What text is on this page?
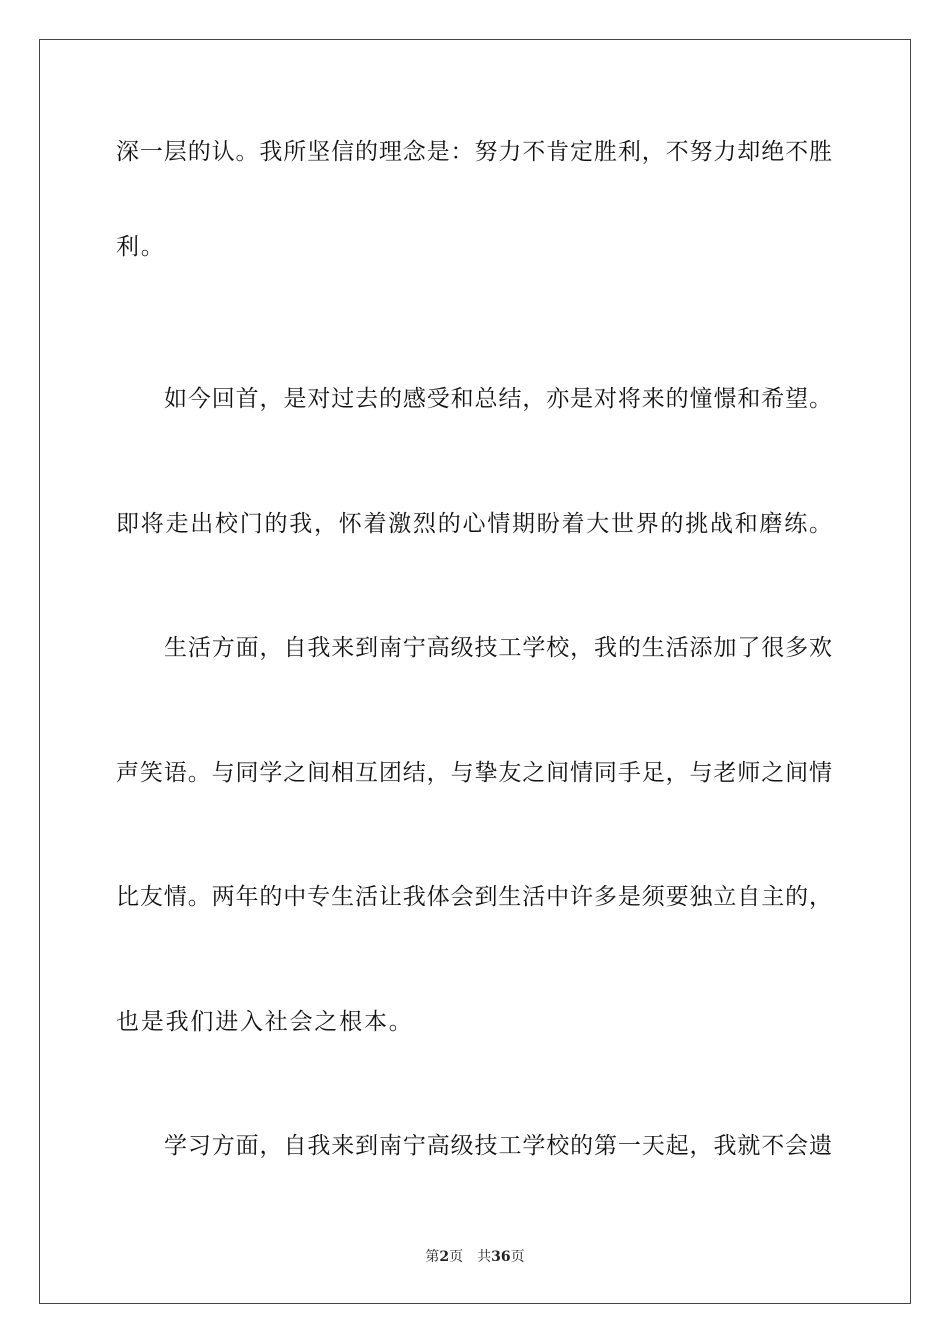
深一层的认。我所坚信的理念是：努力不肯定胜利，不努力却绝不胜
利。
如今回首，是对过去的感受和总结，亦是对将来的憧憬和希望。
即将走出校门的我，怀着激烈的心情期盼着大世界的挑战和磨练。
生活方面，自我来到南宁高级技工学校，我的生活添加了很多欢
声笑语。与同学之间相互团结，与挚友之间情同手足，与老师之间情
比友情。两年的中专生活让我体会到生活中许多是须要独立自主的，
也是我们进入社会之根本。
学习方面，自我来到南宁高级技工学校的第一天起，我就不会遗
第2页 共36页
